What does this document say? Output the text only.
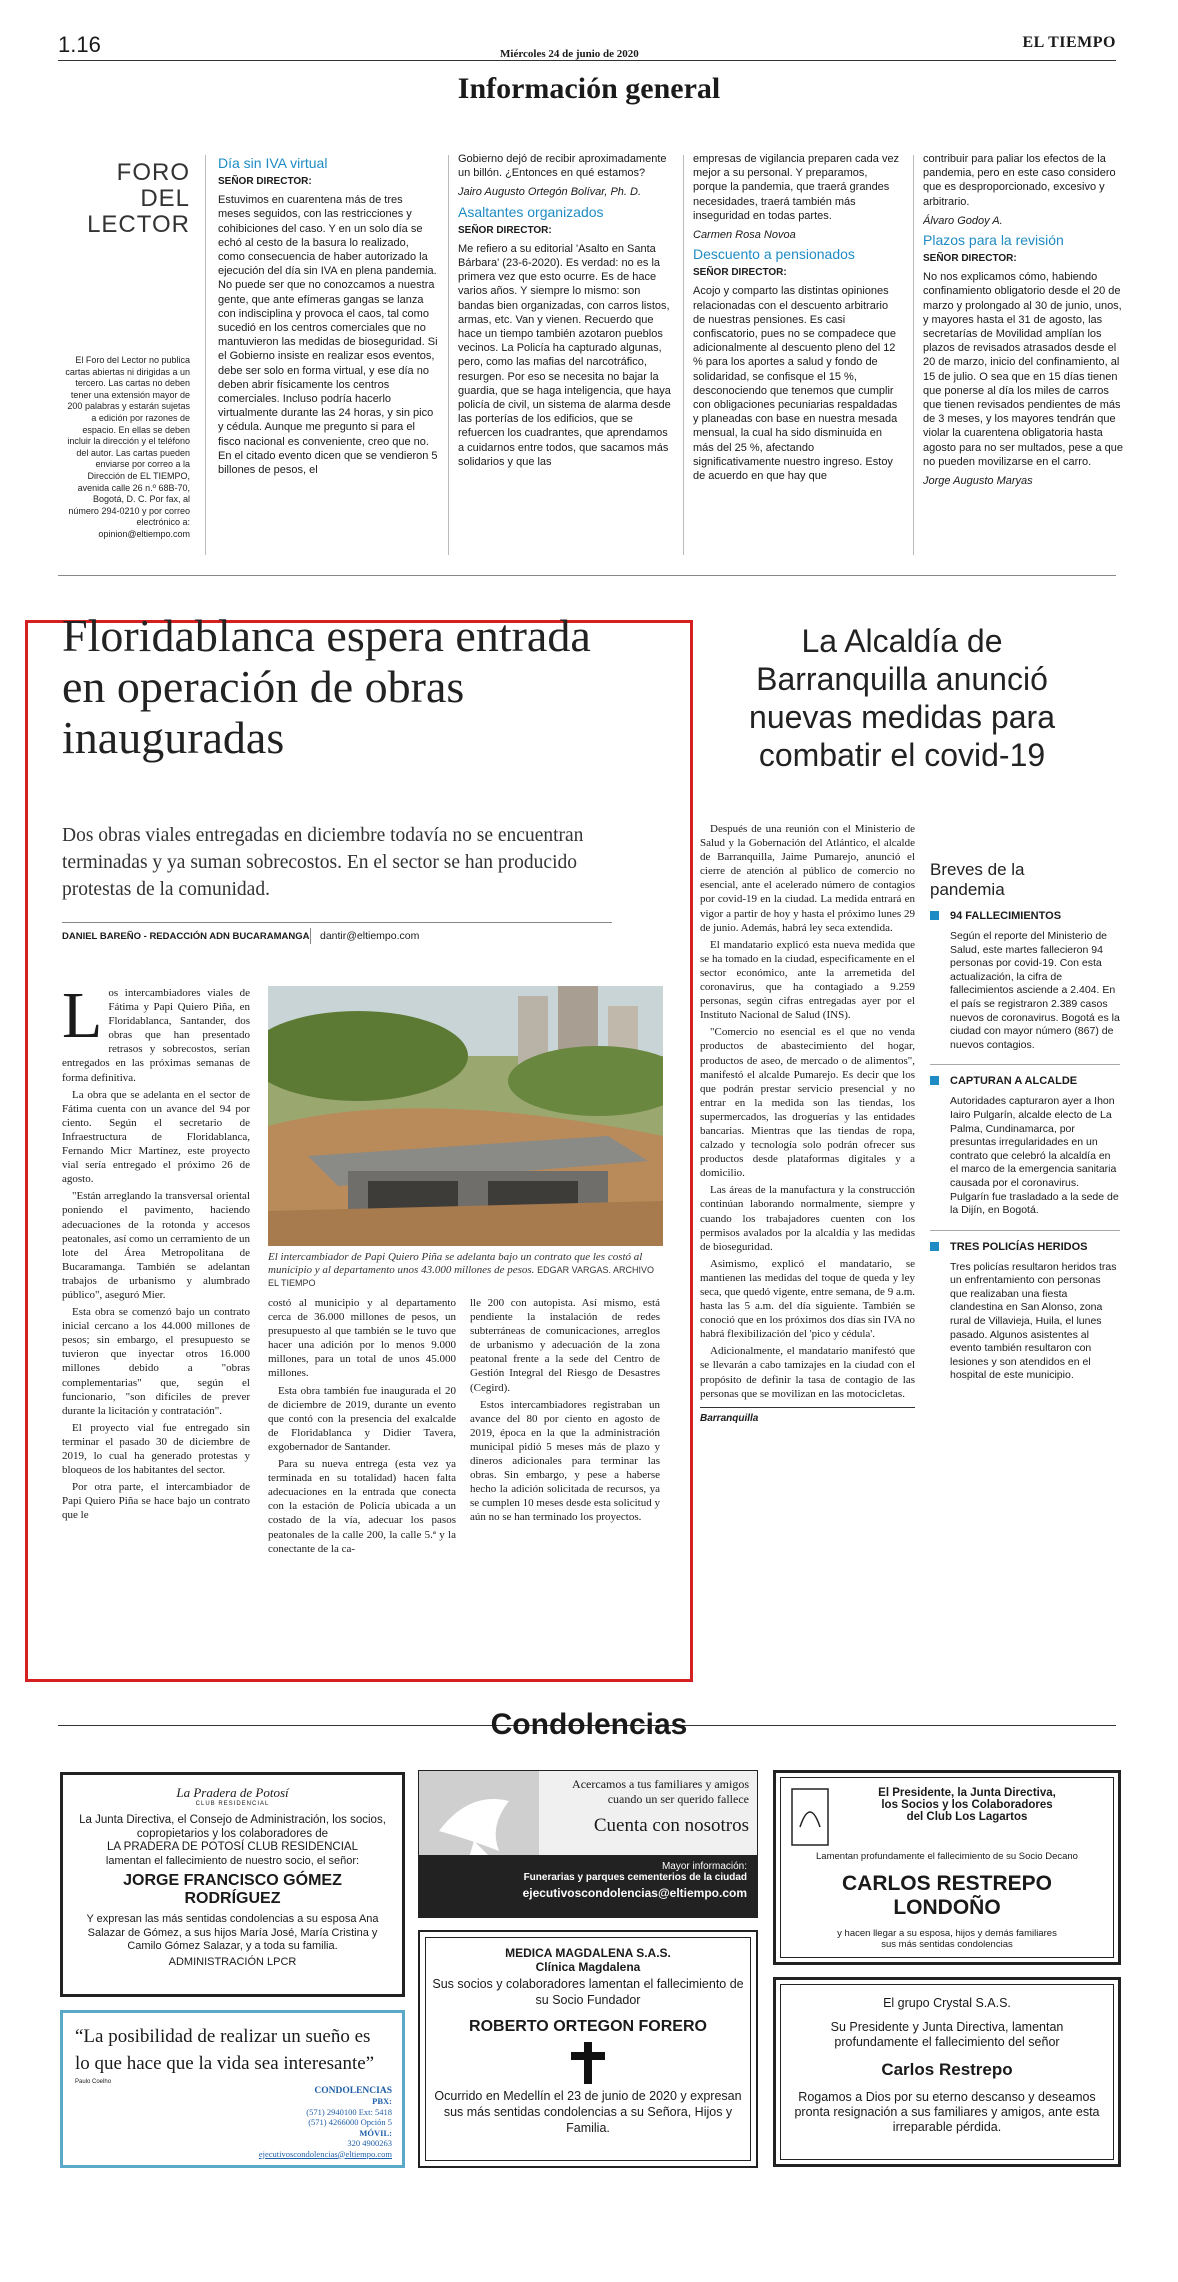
1.16	Miércoles 24 de junio de 2020
EL TIEMPO
Información general
FORO DEL
LECTOR
El Foro del Lector no publica cartas abiertas ni dirigidas a un tercero. Las cartas no deben tener una extensión mayor de 200 palabras y estarán sujetas a edición por razones de espacio. En ellas se deben incluir la dirección y el teléfono del autor. Las cartas pueden enviarse por correo a la Dirección de EL TIEMPO, avenida calle 26 n.º 68B-70, Bogotá, D. C. Por fax, al número 294-0210 y por correo electrónico a: opinion@eltiempo.com
Día sin IVA virtual
SEÑOR DIRECTOR:
Estuvimos en cuarentena más de tres meses seguidos, con las restricciones y cohibiciones del caso. Y en un solo día se echó al cesto de la basura lo realizado, como consecuencia de haber autorizado la ejecución del día sin IVA en plena pandemia. No puede ser que no conozcamos a nuestra gente, que ante efímeras gangas se lanza con indisciplina y provoca el caos, tal como sucedió en los centros comerciales que no mantuvieron las medidas de bioseguridad. Si el Gobierno insiste en realizar esos eventos, debe ser solo en forma virtual, y ese día no deben abrir físicamente los centros comerciales. Incluso podría hacerlo virtualmente durante las 24 horas, y sin pico y cédula. Aunque me pregunto si para el fisco nacional es conveniente, creo que no. En el citado evento dicen que se vendieron 5 billones de pesos, el
Gobierno dejó de recibir aproximadamente un billón. ¿Entonces en qué estamos?
Jairo Augusto Ortegón Bolívar, Ph. D.
Asaltantes organizados
SEÑOR DIRECTOR:
Me refiero a su editorial 'Asalto en Santa Bárbara' (23-6-2020). Es verdad: no es la primera vez que esto ocurre. Es de hace varios años. Y siempre lo mismo: son bandas bien organizadas, con carros listos, armas, etc. Van y vienen. Recuerdo que hace un tiempo también azotaron pueblos vecinos. La Policía ha capturado algunas, pero, como las mafias del narcotráfico, resurgen. Por eso se necesita no bajar la guardia, que se haga inteligencia, que haya policía de civil, un sistema de alarma desde las porterías de los edificios, que se refuercen los cuadrantes, que aprendamos a cuidarnos entre todos, que sacamos más solidarios y que las
empresas de vigilancia preparen cada vez mejor a su personal. Y preparamos, porque la pandemia, que traerá grandes necesidades, traerá también más inseguridad en todas partes.
Carmen Rosa Novoa
Descuento a pensionados
SEÑOR DIRECTOR:
Acojo y comparto las distintas opiniones relacionadas con el descuento arbitrario de nuestras pensiones. Es casi confiscatorio, pues no se compadece que adicionalmente al descuento pleno del 12 % para los aportes a salud y fondo de solidaridad, se confisque el 15 %, desconociendo que tenemos que cumplir con obligaciones pecuniarias respaldadas y planeadas con base en nuestra mesada mensual, la cual ha sido disminuida en más del 25 %, afectando significativamente nuestro ingreso. Estoy de acuerdo en que hay que
contribuir para paliar los efectos de la pandemia, pero en este caso considero que es desproporcionado, excesivo y arbitrario.
Álvaro Godoy A.
Plazos para la revisión
SEÑOR DIRECTOR:
No nos explicamos cómo, habiendo confinamiento obligatorio desde el 20 de marzo y prolongado al 30 de junio, unos, y mayores hasta el 31 de agosto, las secretarías de Movilidad amplían los plazos de revisados atrasados desde el 20 de marzo, inicio del confinamiento, al 15 de julio. O sea que en 15 días tienen que ponerse al día los miles de carros que tienen revisados pendientes de más de 3 meses, y los mayores tendrán que violar la cuarentena obligatoria hasta agosto para no ser multados, pese a que no pueden movilizarse en el carro.
Jorge Augusto Maryas
Floridablanca espera entrada en operación de obras inauguradas
Dos obras viales entregadas en diciembre todavía no se encuentran terminadas y ya suman sobrecostos. En el sector se han producido protestas de la comunidad.
DANIEL BAREÑO - REDACCIÓN ADN BUCARAMANGA dantir@eltiempo.com

Los intercambiadores viales de Fátima y Papi Quiero Piña, en Floridablanca, Santander, dos obras que han presentado retrasos y sobrecostos, serían entregados en las próximas semanas de forma definitiva.

La obra que se adelanta en el sector de Fátima cuenta con un avance del 94 por ciento. Según el secretario de Infraestructura de Floridablanca, Fernando Micr Martínez, este proyecto vial sería entregado el próximo 26 de agosto.

"Están arreglando la transversal oriental poniendo el pavimento, haciendo adecuaciones de la rotonda y accesos peatonales, así como un cerramiento de un lote del Área Metropolitana de Bucaramanga. También se adelantan trabajos de urbanismo y alumbrado público", aseguró Mier.

Esta obra se comenzó bajo un contrato inicial cercano a los 44.000 millones de pesos; sin embargo, el presupuesto se tuvieron que inyectar otros 16.000 millones debido a "obras complementarias" que, según el funcionario, "son difíciles de prever durante la licitación y contratación".

El proyecto vial fue entregado sin terminar el pasado 30 de diciembre de 2019, lo cual ha generado protestas y bloqueos de los habitantes del sector.

Por otra parte, el intercambiador de Papi Quiero Piña se hace bajo un contrato que le

El intercambiador de Papi Quiero Piña se adelanta bajo un contrato que les costó al municipio y al departamento unos 43.000 millones de pesos. EDGAR VARGAS. ARCHIVO EL TIEMPO

costó al municipio y al departamento cerca de 36.000 millones de pesos, un presupuesto al que también se le tuvo que hacer una adición por lo menos 9.000 millones, para un total de unos 45.000 millones.

Esta obra también fue inaugurada el 20 de diciembre de 2019, durante un evento que contó con la presencia del exalcalde de Floridablanca y Didier Tavera, exgobernador de Santander.

Para su nueva entrega (esta vez ya terminada en su totalidad) hacen falta adecuaciones en la entrada que conecta con la estación de Policía ubicada a un costado de la vía, adecuar los pasos peatonales de la calle 200, la calle 5.ª y la conectante de la ca-

lle 200 con autopista. Así mismo, está pendiente la instalación de redes subterráneas de comunicaciones, arreglos de urbanismo y adecuación de la zona peatonal frente a la sede del Centro de Gestión Integral del Riesgo de Desastres (Cegird).

Estos intercambiadores registraban un avance del 80 por ciento en agosto de 2019, época en la que la administración municipal pidió 5 meses más de plazo y dineros adicionales para terminar las obras. Sin embargo, y pese a haberse hecho la adición solicitada de recursos, ya se cumplen 10 meses desde esta solicitud y aún no se han terminado los proyectos.

La Alcaldía de Barranquilla anunció nuevas medidas para combatir el covid-19

Después de una reunión con el Ministerio de Salud y la Gobernación del Atlántico, el alcalde de Barranquilla, Jaime Pumarejo, anunció el cierre de atención al público de comercio no esencial, ante el acelerado número de contagios por covid-19 en la ciudad. La medida entrará en vigor a partir de hoy y hasta el próximo lunes 29 de junio. Además, habrá ley seca extendida.

El mandatario explicó esta nueva medida que se ha tomado en la ciudad, especificamente en el sector económico, ante la arremetida del coronavirus, que ha contagiado a 9.259 personas, según cifras entregadas ayer por el Instituto Nacional de Salud (INS).

"Comercio no esencial es el que no venda productos de abastecimiento del hogar, productos de aseo, de mercado o de alimentos", manifestó el alcalde Pumarejo. Es decir que los que podrán prestar servicio presencial y no entrar en la medida son las tiendas, los supermercados, las droguerías y las entidades bancarias. Mientras que las tiendas de ropa, calzado y tecnología solo podrán ofrecer sus productos desde plataformas digitales y a domicilio.

Las áreas de la manufactura y la construcción continúan laborando normalmente, siempre y cuando los trabajadores cuenten con los permisos avalados por la alcaldía y las medidas de bioseguridad.

Asimismo, explicó el mandatario, se mantienen las medidas del toque de queda y ley seca, que quedó vigente, entre semana, de 9 a.m. hasta las 5 a.m. del día siguiente. También se conoció que en los próximos dos días sin IVA no habrá flexibilización del 'pico y cédula'.

Adicionalmente, el mandatario manifestó que se llevarán a cabo tamizajes en la ciudad con el propósito de definir la tasa de contagio de las personas que se movilizan en las motocicletas.

Barranquilla
Breves de la pandemia
94 FALLECIMIENTOS
Según el reporte del Ministerio de Salud, este martes fallecieron 94 personas por covid-19. Con esta actualización, la cifra de fallecimientos asciende a 2.404. En el país se registraron 2.389 casos nuevos de coronavirus. Bogotá es la ciudad con mayor número (867) de nuevos contagios.
CAPTURAN A ALCALDE
Autoridades capturaron ayer a Ihon Iairo Pulgarín, alcalde electo de La Palma, Cundinamarca, por presuntas irregularidades en un contrato que celebró la alcaldía en el marco de la emergencia sanitaria causada por el coronavirus. Pulgarín fue trasladado a la sede de la Dijín, en Bogotá.
TRES POLICÍAS HERIDOS
Tres policías resultaron heridos tras un enfrentamiento con personas que realizaban una fiesta clandestina en San Alonso, zona rural de Villavieja, Huila, el lunes pasado. Algunos asistentes al evento también resultaron con lesiones y son atendidos en el hospital de este municipio.
Condolencias
La Pradera de Potosí
CLUB RESIDENCIAL
La Junta Directiva, el Consejo de Administración, los socios, copropietarios y los colaboradores de
LA PRADERA DE POTOSÍ CLUB RESIDENCIAL
lamentan el fallecimiento de nuestro socio, el señor:
JORGE FRANCISCO GÓMEZ RODRÍGUEZ
Y expresan las más sentidas condolencias a su esposa Ana Salazar de Gómez, a sus hijos María José, María Cristina y Camilo Gómez Salazar, y a toda su familia.
ADMINISTRACIÓN LPCR
Acercamos a tus familiares y amigos
cuando un ser querido fallece
Cuenta con nosotros
Mayor información:
Funerarias y parques cementerios de la ciudad
ejecutivoscondolencias@eltiempo.com
El Presidente, la Junta Directiva,
los Socios y los Colaboradores
del Club Los Lagartos
Lamentan profundamente el fallecimiento de su Socio Decano
CARLOS RESTREPO LONDOÑO
y hacen llegar a su esposa, hijos y demás familiares
sus más sentidas condolencias
“La posibilidad de realizar un sueño es lo que hace que la vida sea interesante”
Paulo Coelho
CONDOLENCIAS
PBX:
(571) 2940100 Ext: 5418
(571) 4266000 Opción 5
MÓVIL:
320 4900263
ejecutivoscondolencias@eltiempo.com
MEDICA MAGDALENA S.A.S.
Clínica Magdalena
Sus socios y colaboradores lamentan el fallecimiento de su Socio Fundador
ROBERTO ORTEGON FORERO
Ocurrido en Medellín el 23 de junio de 2020 y expresan sus más sentidas condolencias a su Señora, Hijos y Familia.
El grupo Crystal S.A.S.
Su Presidente y Junta Directiva, lamentan profundamente el fallecimiento del señor
Carlos Restrepo
Rogamos a Dios por su eterno descanso y deseamos pronta resignación a sus familiares y amigos, ante esta irreparable pérdida.
